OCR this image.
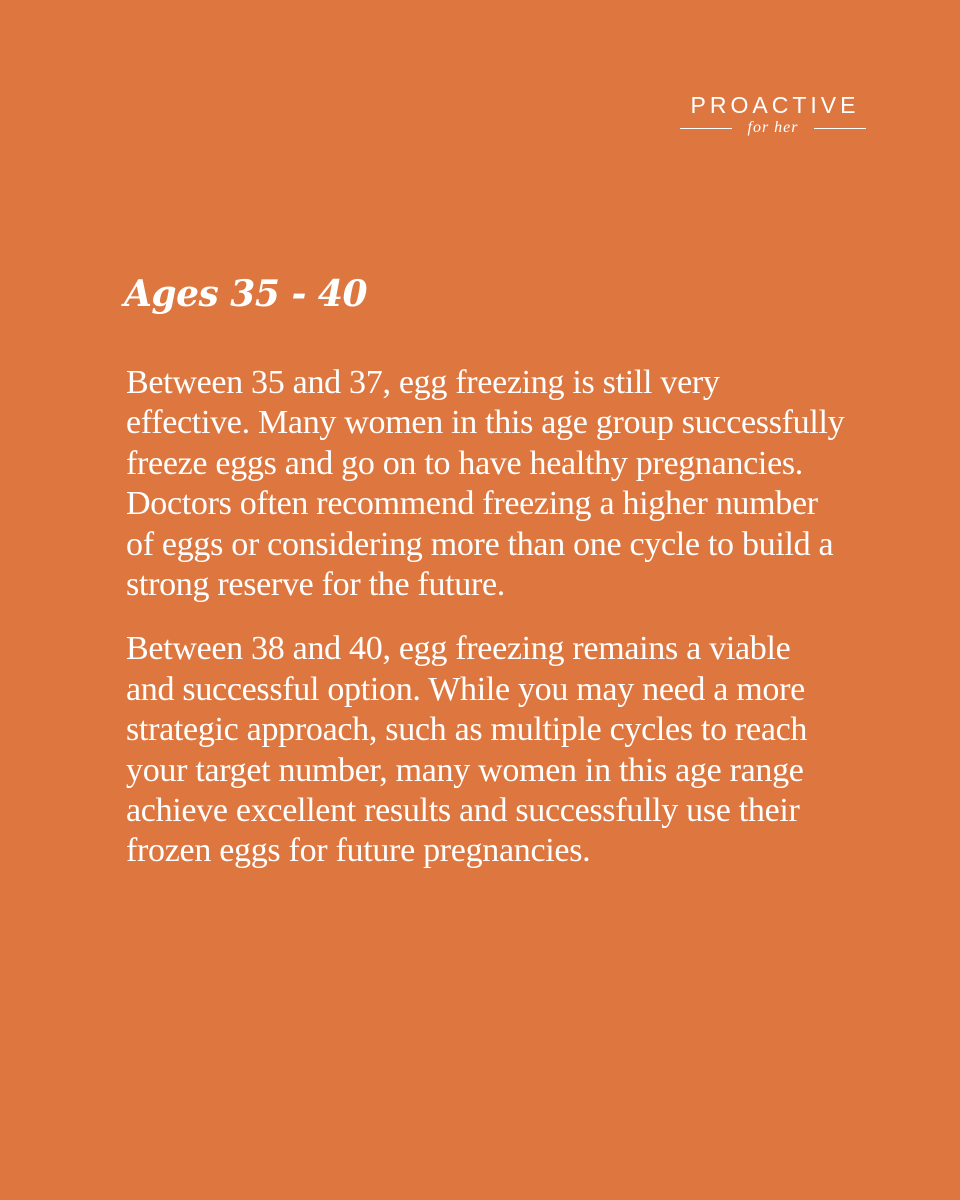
PROACTIVE
for her
Ages 35 - 40

Between 35 and 37, egg freezing is still very effective. Many women in this age group successfully freeze eggs and go on to have healthy pregnancies. Doctors often recommend freezing a higher number of eggs or considering more than one cycle to build a strong reserve for the future.

Between 38 and 40, egg freezing remains a viable and successful option. While you may need a more strategic approach, such as multiple cycles to reach your target number, many women in this age range achieve excellent results and successfully use their frozen eggs for future pregnancies.
